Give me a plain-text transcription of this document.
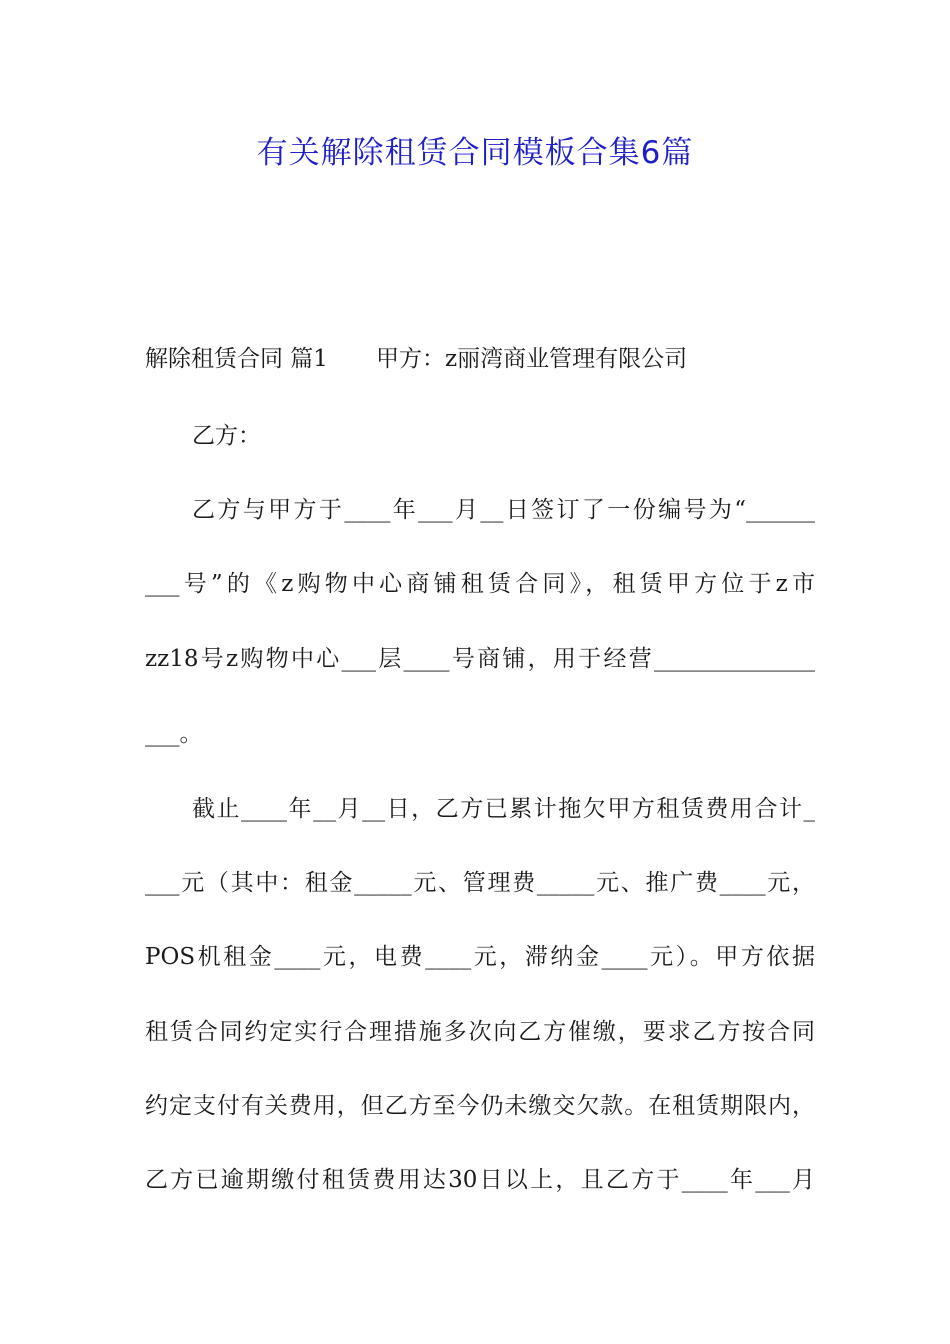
有关解除租赁合同模板合集6篇
解除租赁合同 篇1 甲方：z丽湾商业管理有限公司
乙方：
乙方与甲方于____年___月__日签订了一份编号为“______
___号”的《z购物中心商铺租赁合同》，租赁甲方位于z市
zz18号z购物中心___层____号商铺，用于经营______________
___。
截止____年__月__日，乙方已累计拖欠甲方租赁费用合计_
___元（其中：租金_____元、管理费_____元、推广费____元，
POS机租金____元，电费____元，滞纳金____元）。甲方依据
租赁合同约定实行合理措施多次向乙方催缴，要求乙方按合同
约定支付有关费用，但乙方至今仍未缴交欠款。在租赁期限内，
乙方已逾期缴付租赁费用达30日以上，且乙方于____年___月
